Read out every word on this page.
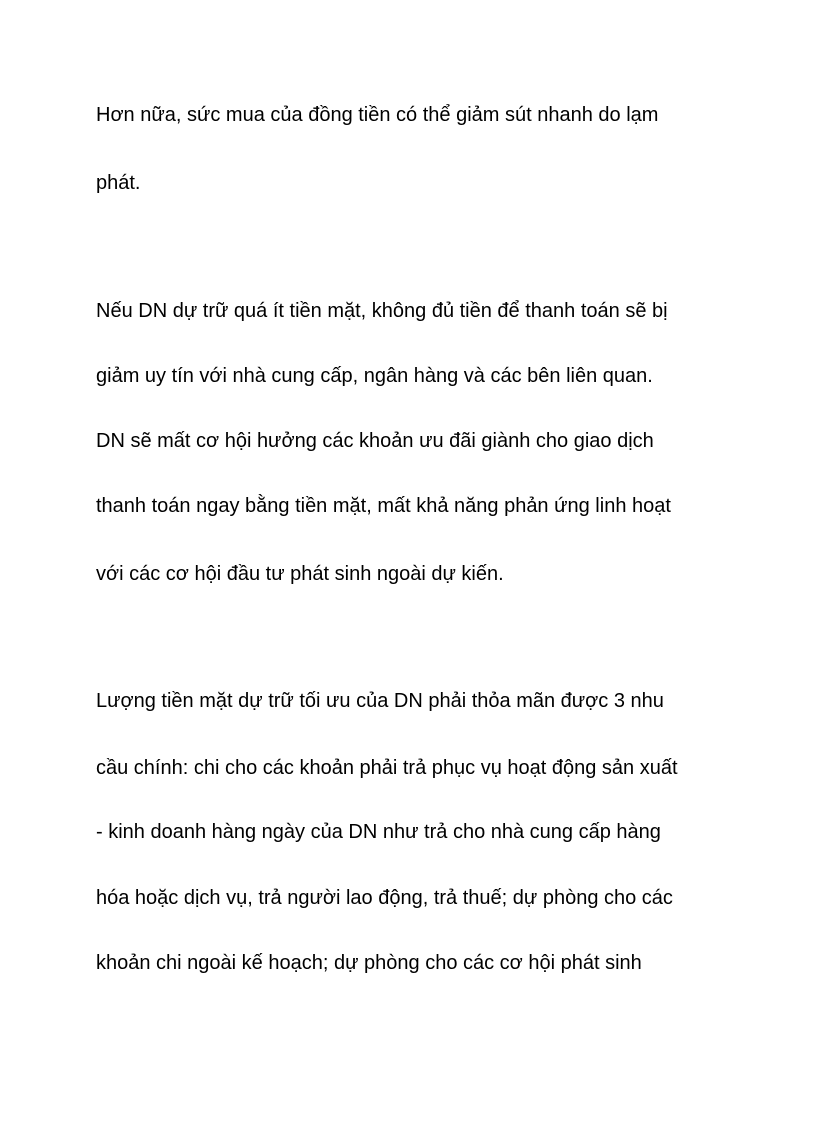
Hơn nữa, sức mua của đồng tiền có thể giảm sút nhanh do lạm
phát.
Nếu DN dự trữ quá ít tiền mặt, không đủ tiền để thanh toán sẽ bị
giảm uy tín với nhà cung cấp, ngân hàng và các bên liên quan.
DN sẽ mất cơ hội hưởng các khoản ưu đãi giành cho giao dịch
thanh toán ngay bằng tiền mặt, mất khả năng phản ứng linh hoạt
với các cơ hội đầu tư phát sinh ngoài dự kiến.
Lượng tiền mặt dự trữ tối ưu của DN phải thỏa mãn được 3 nhu
cầu chính: chi cho các khoản phải trả phục vụ hoạt động sản xuất
- kinh doanh hàng ngày của DN như trả cho nhà cung cấp hàng
hóa hoặc dịch vụ, trả người lao động, trả thuế; dự phòng cho các
khoản chi ngoài kế hoạch; dự phòng cho các cơ hội phát sinh
